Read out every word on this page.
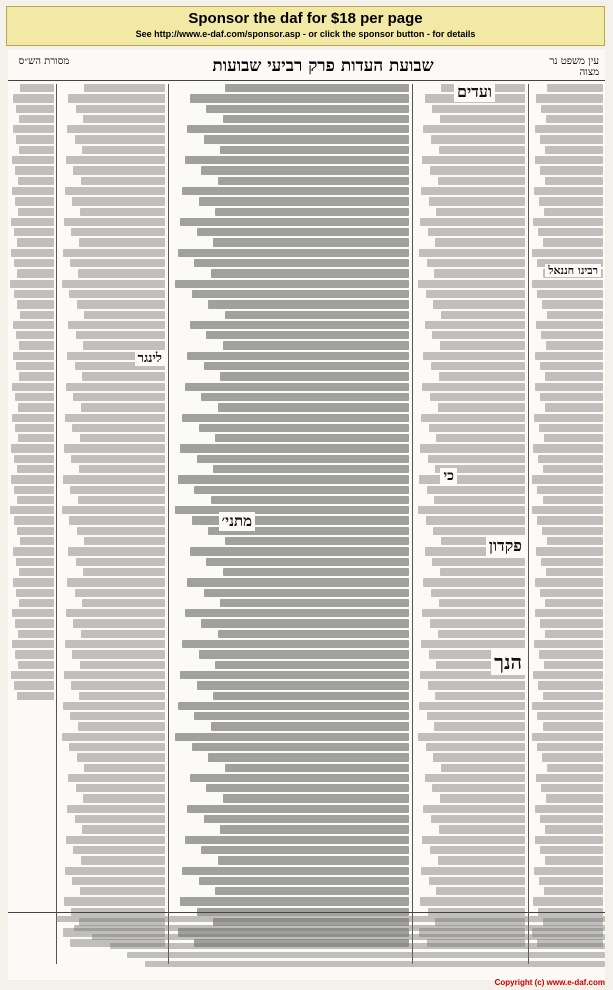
Sponsor the daf for $18 per page
See http://www.e-daf.com/sponsor.asp - or click the sponsor button - for details
מסורת הש״ס	שבועת העדות פרק רביעי שבועות	עין משפט נר מצוה
ועדים
מתני׳
כי
לינגר
פקדון
הנך
רבינו חננאל
Copyright (c) www.e-daf.com
